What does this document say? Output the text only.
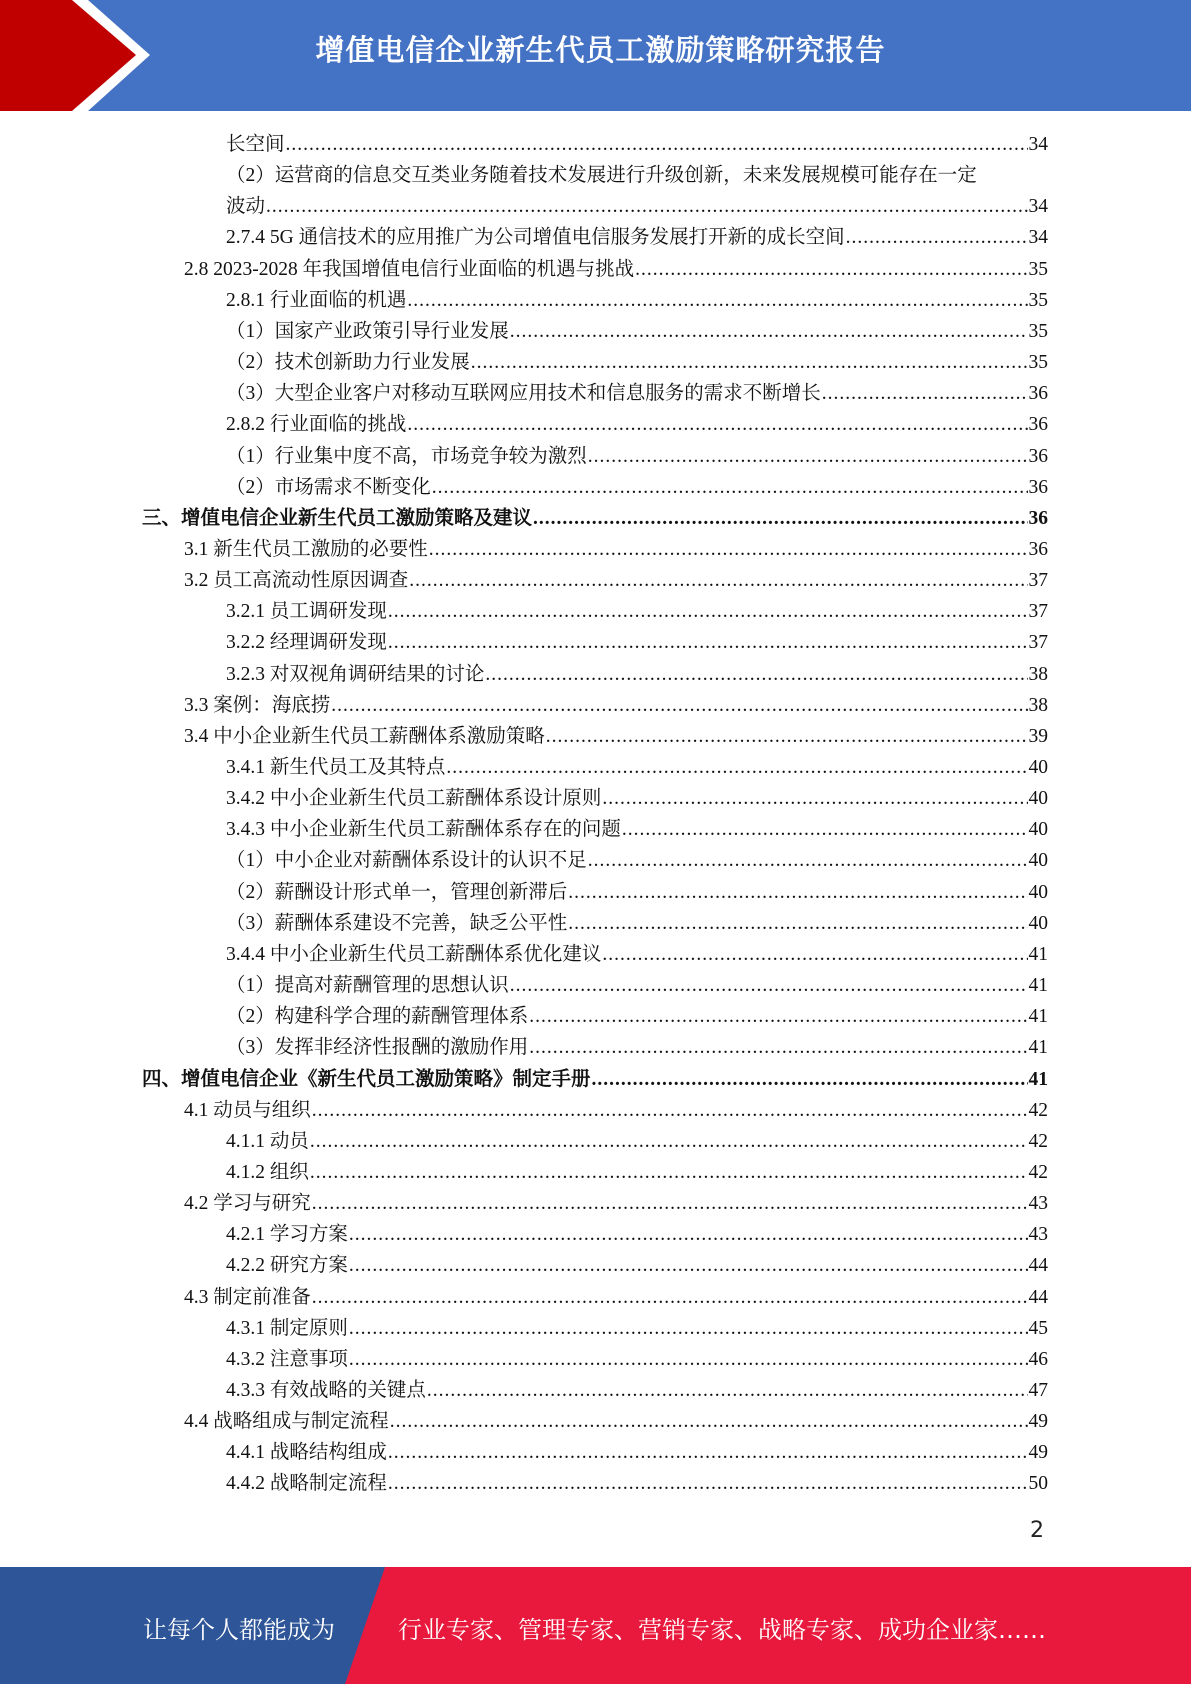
增值电信企业新生代员工激励策略研究报告
长空间 .....	34
（2）运营商的信息交互类业务随着技术发展进行升级创新，未来发展规模可能存在一定
波动 .....	34
2.7.4 5G 通信技术的应用推广为公司增值电信服务发展打开新的成长空间 .....	34
2.8 2023-2028 年我国增值电信行业面临的机遇与挑战 .....	35
2.8.1 行业面临的机遇 .....	35
（1）国家产业政策引导行业发展 .....	35
（2）技术创新助力行业发展 .....	35
（3）大型企业客户对移动互联网应用技术和信息服务的需求不断增长 .....	36
2.8.2 行业面临的挑战 .....	36
（1）行业集中度不高，市场竞争较为激烈 .....	36
（2）市场需求不断变化 .....	36
三、增值电信企业新生代员工激励策略及建议 .....	36
3.1 新生代员工激励的必要性 .....	36
3.2 员工高流动性原因调查 .....	37
3.2.1 员工调研发现 .....	37
3.2.2 经理调研发现 .....	37
3.2.3 对双视角调研结果的讨论 .....	38
3.3 案例：海底捞 .....	38
3.4 中小企业新生代员工薪酬体系激励策略 .....	39
3.4.1 新生代员工及其特点 .....	40
3.4.2 中小企业新生代员工薪酬体系设计原则 .....	40
3.4.3 中小企业新生代员工薪酬体系存在的问题 .....	40
（1）中小企业对薪酬体系设计的认识不足 .....	40
（2）薪酬设计形式单一，管理创新滞后 .....	40
（3）薪酬体系建设不完善，缺乏公平性 .....	40
3.4.4 中小企业新生代员工薪酬体系优化建议 .....	41
（1）提高对薪酬管理的思想认识 .....	41
（2）构建科学合理的薪酬管理体系 .....	41
（3）发挥非经济性报酬的激励作用 .....	41
四、增值电信企业《新生代员工激励策略》制定手册 .....	41
4.1 动员与组织 .....	42
4.1.1 动员 .....	42
4.1.2 组织 .....	42
4.2 学习与研究 .....	43
4.2.1 学习方案 .....	43
4.2.2 研究方案 .....	44
4.3 制定前准备 .....	44
4.3.1 制定原则 .....	45
4.3.2 注意事项 .....	46
4.3.3 有效战略的关键点 .....	47
4.4 战略组成与制定流程 .....	49
4.4.1 战略结构组成 .....	49
4.4.2 战略制定流程 .....	50
2
让每个人都能成为	行业专家、管理专家、营销专家、战略专家、成功企业家……
